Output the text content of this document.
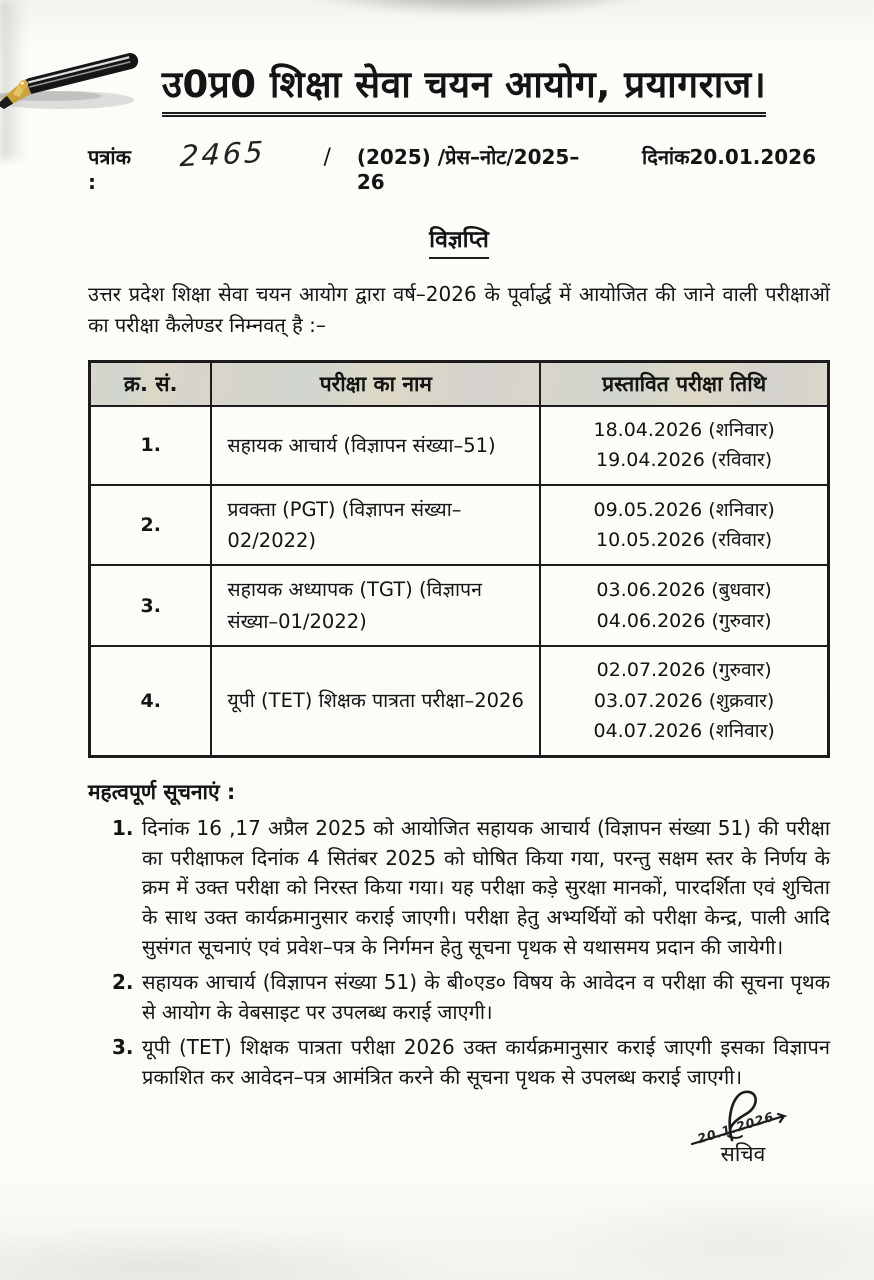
उ0प्र0 शिक्षा सेवा चयन आयोग, प्रयागराज।
पत्रांक :
2465	/ (2025) /प्रेस–नोट/2025–26
दिनांक 20.01.2026
विज्ञप्ति

उत्तर प्रदेश शिक्षा सेवा चयन आयोग द्वारा वर्ष–2026 के पूर्वार्द्ध में आयोजित की जाने वाली परीक्षाओं का परीक्षा कैलेण्डर निम्नवत् है :–

क्र. सं.	परीक्षा का नाम	प्रस्तावित परीक्षा तिथि
1.	सहायक आचार्य (विज्ञापन संख्या–51)	18.04.2026 (शनिवार)
19.04.2026 (रविवार)

2.	प्रवक्ता (PGT) (विज्ञापन संख्या–02/2022)	09.05.2026 (शनिवार)
10.05.2026 (रविवार)

3.	सहायक अध्यापक (TGT) (विज्ञापन संख्या–01/2022)	03.06.2026 (बुधवार)
04.06.2026 (गुरुवार)

4.	यूपी (TET) शिक्षक पात्रता परीक्षा–2026	02.07.2026 (गुरुवार)
03.07.2026 (शुक्रवार)
04.07.2026 (शनिवार)
महत्वपूर्ण सूचनाएं :
1. दिनांक 16 ,17 अप्रैल 2025 को आयोजित सहायक आचार्य (विज्ञापन संख्या 51) की परीक्षा का परीक्षाफल दिनांक 4 सितंबर 2025 को घोषित किया गया, परन्तु सक्षम स्तर के निर्णय के क्रम में उक्त परीक्षा को निरस्त किया गया। यह परीक्षा कड़े सुरक्षा मानकों, पारदर्शिता एवं शुचिता के साथ उक्त कार्यक्रमानुसार कराई जाएगी। परीक्षा हेतु अभ्यर्थियों को परीक्षा केन्द्र, पाली आदि सुसंगत सूचनाएं एवं प्रवेश–पत्र के निर्गमन हेतु सूचना पृथक से यथासमय प्रदान की जायेगी।
2. सहायक आचार्य (विज्ञापन संख्या 51) के बी०एड० विषय के आवेदन व परीक्षा की सूचना पृथक से आयोग के वेबसाइट पर उपलब्ध कराई जाएगी।
3. यूपी (TET) शिक्षक पात्रता परीक्षा 2026 उक्त कार्यक्रमानुसार कराई जाएगी इसका विज्ञापन प्रकाशित कर आवेदन–पत्र आमंत्रित करने की सूचना पृथक से उपलब्ध कराई जाएगी।
20.1.2026
सचिव
